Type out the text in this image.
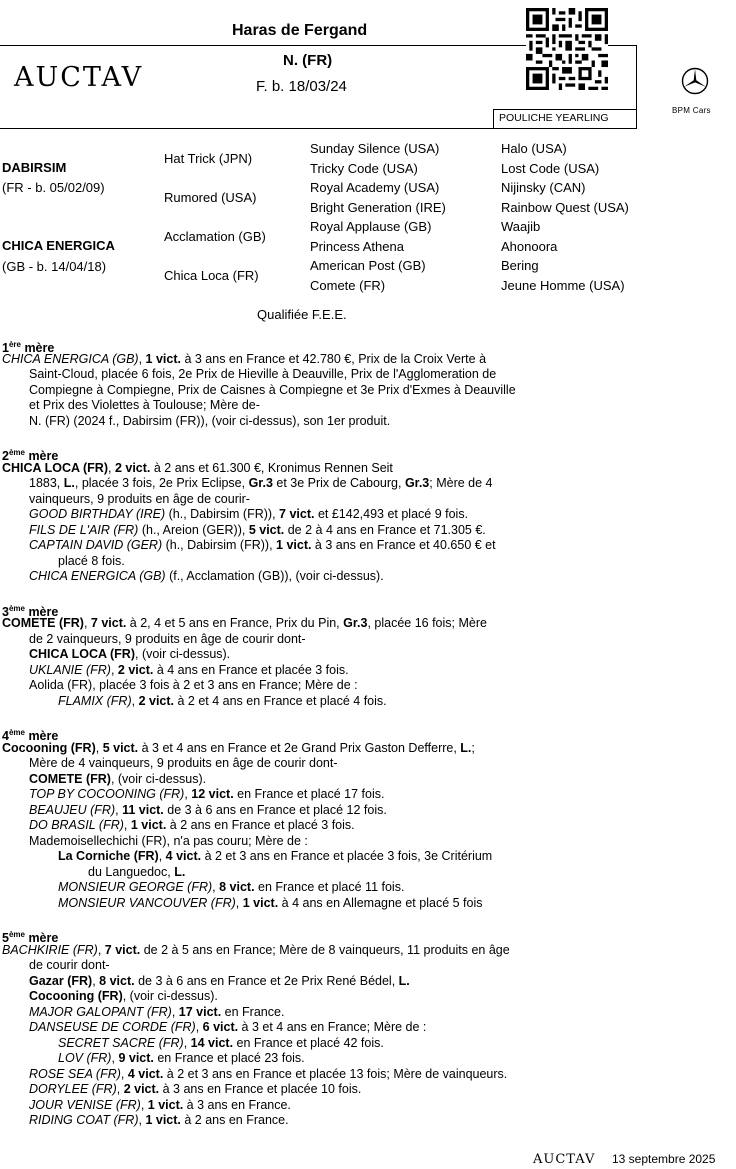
Haras de Fergand
AUCTAV
N. (FR)
F. b. 18/03/24
POULICHE YEARLING
BPM Cars
DABIRSIM
(FR - b. 05/02/09)
CHICA ENERGICA
(GB - b. 14/04/18)
Hat Trick (JPN)
Rumored (USA)
Acclamation (GB)
Chica Loca (FR)
Sunday Silence (USA)
Tricky Code (USA)
Royal Academy (USA)
Bright Generation (IRE)
Royal Applause (GB)
Princess Athena
American Post (GB)
Comete (FR)
Halo (USA)
Lost Code (USA)
Nijinsky (CAN)
Rainbow Quest (USA)
Waajib
Ahonoora
Bering
Jeune Homme (USA)
Qualifiée F.E.E.
1ère mère
CHICA ENERGICA (GB), 1 vict. à 3 ans en France et 42.780 €, Prix de la Croix Verte à
Saint-Cloud, placée 6 fois, 2e Prix de Hieville à Deauville, Prix de l'Agglomeration de
Compiegne à Compiegne, Prix de Caisnes à Compiegne et 3e Prix d'Exmes à Deauville
et Prix des Violettes à Toulouse; Mère de-
N. (FR) (2024 f., Dabirsim (FR)), (voir ci-dessus), son 1er produit.
2ème mère
CHICA LOCA (FR), 2 vict. à 2 ans et 61.300 €, Kronimus Rennen Seit
1883, L., placée 3 fois, 2e Prix Eclipse, Gr.3 et 3e Prix de Cabourg, Gr.3; Mère de 4
vainqueurs, 9 produits en âge de courir-
GOOD BIRTHDAY (IRE) (h., Dabirsim (FR)), 7 vict. et £142,493 et placé 9 fois.
FILS DE L'AIR (FR) (h., Areion (GER)), 5 vict. de 2 à 4 ans en France et 71.305 €.
CAPTAIN DAVID (GER) (h., Dabirsim (FR)), 1 vict. à 3 ans en France et 40.650 € et
placé 8 fois.
CHICA ENERGICA (GB) (f., Acclamation (GB)), (voir ci-dessus).
3ème mère
COMETE (FR), 7 vict. à 2, 4 et 5 ans en France, Prix du Pin, Gr.3, placée 16 fois; Mère
de 2 vainqueurs, 9 produits en âge de courir dont-
CHICA LOCA (FR), (voir ci-dessus).
UKLANIE (FR), 2 vict. à 4 ans en France et placée 3 fois.
Aolida (FR), placée 3 fois à 2 et 3 ans en France; Mère de :
FLAMIX (FR), 2 vict. à 2 et 4 ans en France et placé 4 fois.
4ème mère
Cocooning (FR), 5 vict. à 3 et 4 ans en France et 2e Grand Prix Gaston Defferre, L.;
Mère de 4 vainqueurs, 9 produits en âge de courir dont-
COMETE (FR), (voir ci-dessus).
TOP BY COCOONING (FR), 12 vict. en France et placé 17 fois.
BEAUJEU (FR), 11 vict. de 3 à 6 ans en France et placé 12 fois.
DO BRASIL (FR), 1 vict. à 2 ans en France et placé 3 fois.
Mademoisellechichi (FR), n'a pas couru; Mère de :
La Corniche (FR), 4 vict. à 2 et 3 ans en France et placée 3 fois, 3e Critérium
du Languedoc, L.
MONSIEUR GEORGE (FR), 8 vict. en France et placé 11 fois.
MONSIEUR VANCOUVER (FR), 1 vict. à 4 ans en Allemagne et placé 5 fois
5ème mère
BACHKIRIE (FR), 7 vict. de 2 à 5 ans en France; Mère de 8 vainqueurs, 11 produits en âge
de courir dont-
Gazar (FR), 8 vict. de 3 à 6 ans en France et 2e Prix René Bédel, L.
Cocooning (FR), (voir ci-dessus).
MAJOR GALOPANT (FR), 17 vict. en France.
DANSEUSE DE CORDE (FR), 6 vict. à 3 et 4 ans en France; Mère de :
SECRET SACRE (FR), 14 vict. en France et placé 42 fois.
LOV (FR), 9 vict. en France et placé 23 fois.
ROSE SEA (FR), 4 vict. à 2 et 3 ans en France et placée 13 fois; Mère de vainqueurs.
DORYLEE (FR), 2 vict. à 3 ans en France et placée 10 fois.
JOUR VENISE (FR), 1 vict. à 3 ans en France.
RIDING COAT (FR), 1 vict. à 2 ans en France.
AUCTAV 13 septembre 2025
